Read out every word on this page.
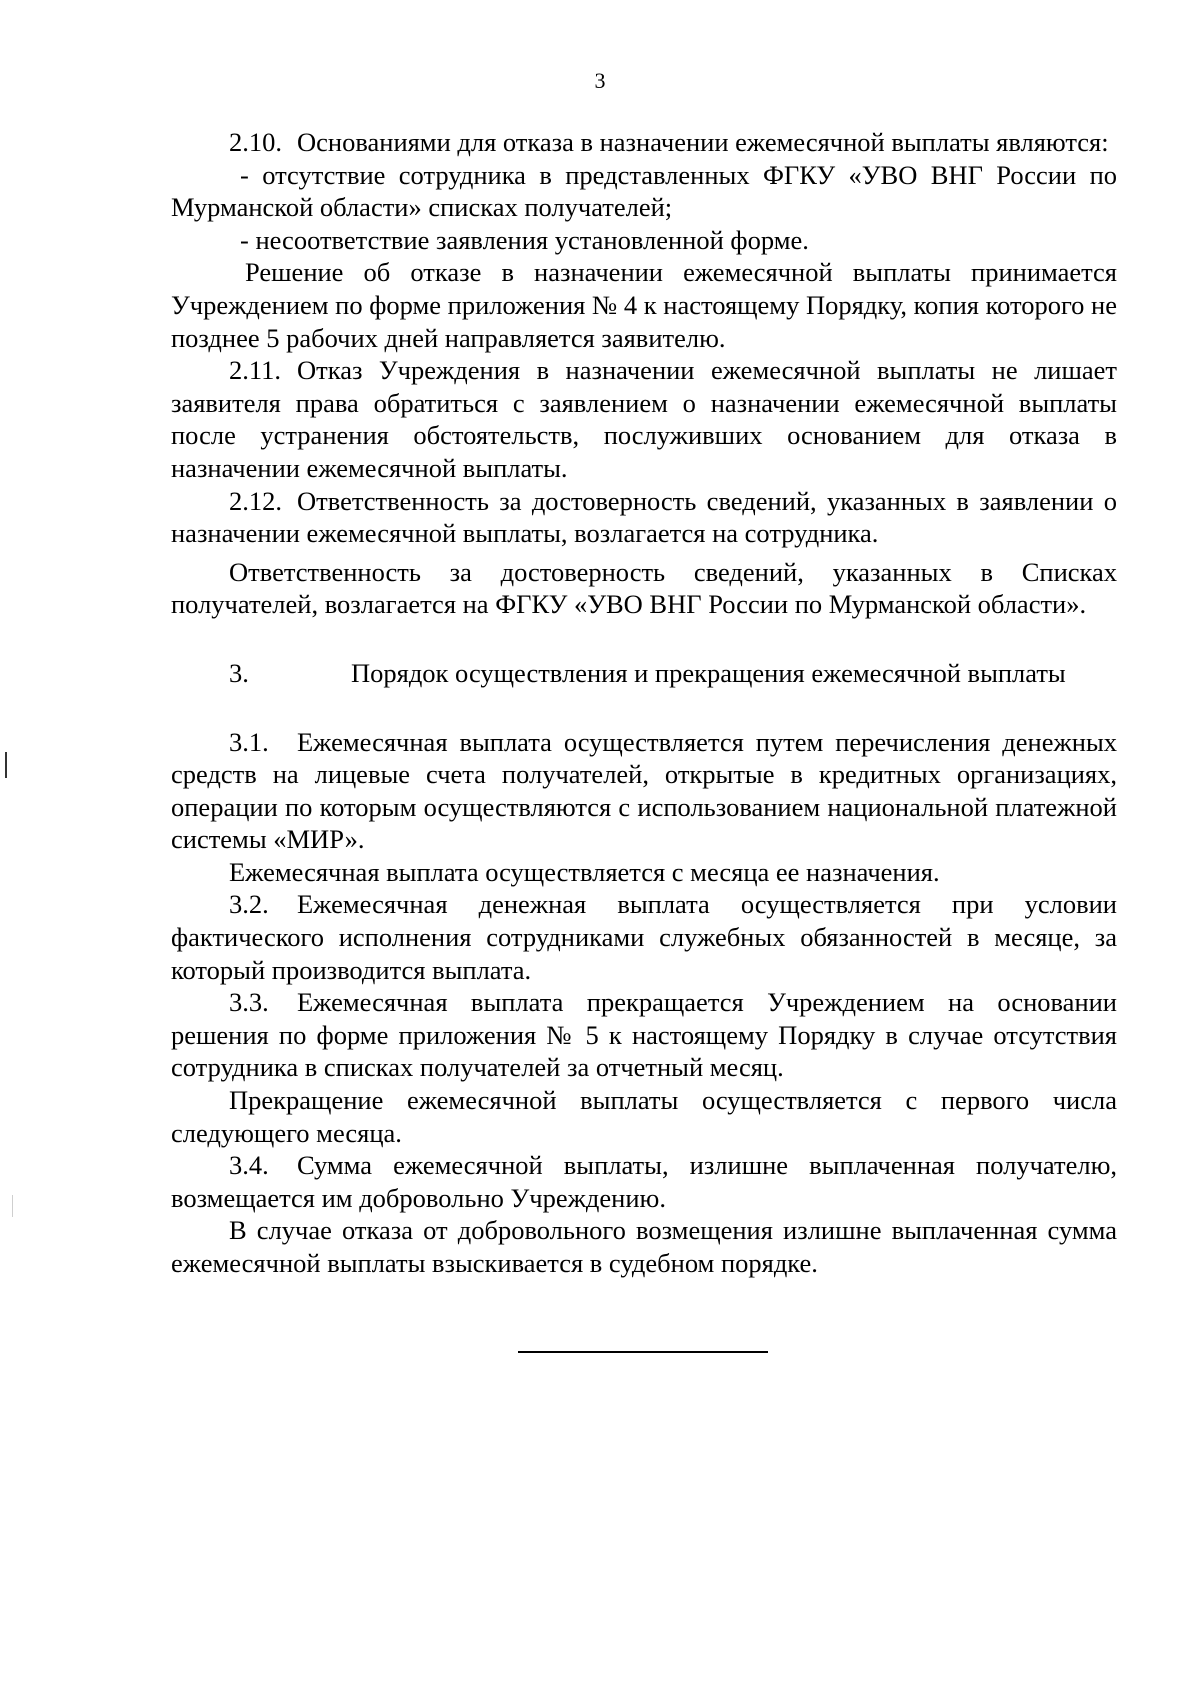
3

2.10. Основаниями для отказа в назначении ежемесячной выплаты являются:

- отсутствие сотрудника в представленных ФГКУ «УВО ВНГ России по Мурманской области» списках получателей;

- несоответствие заявления установленной форме.

Решение об отказе в назначении ежемесячной выплаты принимается Учреждением по форме приложения № 4 к настоящему Порядку, копия которого не позднее 5 рабочих дней направляется заявителю.

2.11. Отказ Учреждения в назначении ежемесячной выплаты не лишает заявителя права обратиться с заявлением о назначении ежемесячной выплаты после устранения обстоятельств, послуживших основанием для отказа в назначении ежемесячной выплаты.

2.12. Ответственность за достоверность сведений, указанных в заявлении о назначении ежемесячной выплаты, возлагается на сотрудника.

Ответственность за достоверность сведений, указанных в Списках получателей, возлагается на ФГКУ «УВО ВНГ России по Мурманской области».

3.	Порядок осуществления и прекращения ежемесячной выплаты

3.1. Ежемесячная выплата осуществляется путем перечисления денежных средств на лицевые счета получателей, открытые в кредитных организациях, операции по которым осуществляются с использованием национальной платежной системы «МИР».

Ежемесячная выплата осуществляется с месяца ее назначения.

3.2. Ежемесячная денежная выплата осуществляется при условии фактического исполнения сотрудниками служебных обязанностей в месяце, за который производится выплата.

3.3. Ежемесячная выплата прекращается Учреждением на основании решения по форме приложения № 5 к настоящему Порядку в случае отсутствия сотрудника в списках получателей за отчетный месяц.

Прекращение ежемесячной выплаты осуществляется с первого числа следующего месяца.

3.4. Сумма ежемесячной выплаты, излишне выплаченная получателю, возмещается им добровольно Учреждению.

В случае отказа от добровольного возмещения излишне выплаченная сумма ежемесячной выплаты взыскивается в судебном порядке.
